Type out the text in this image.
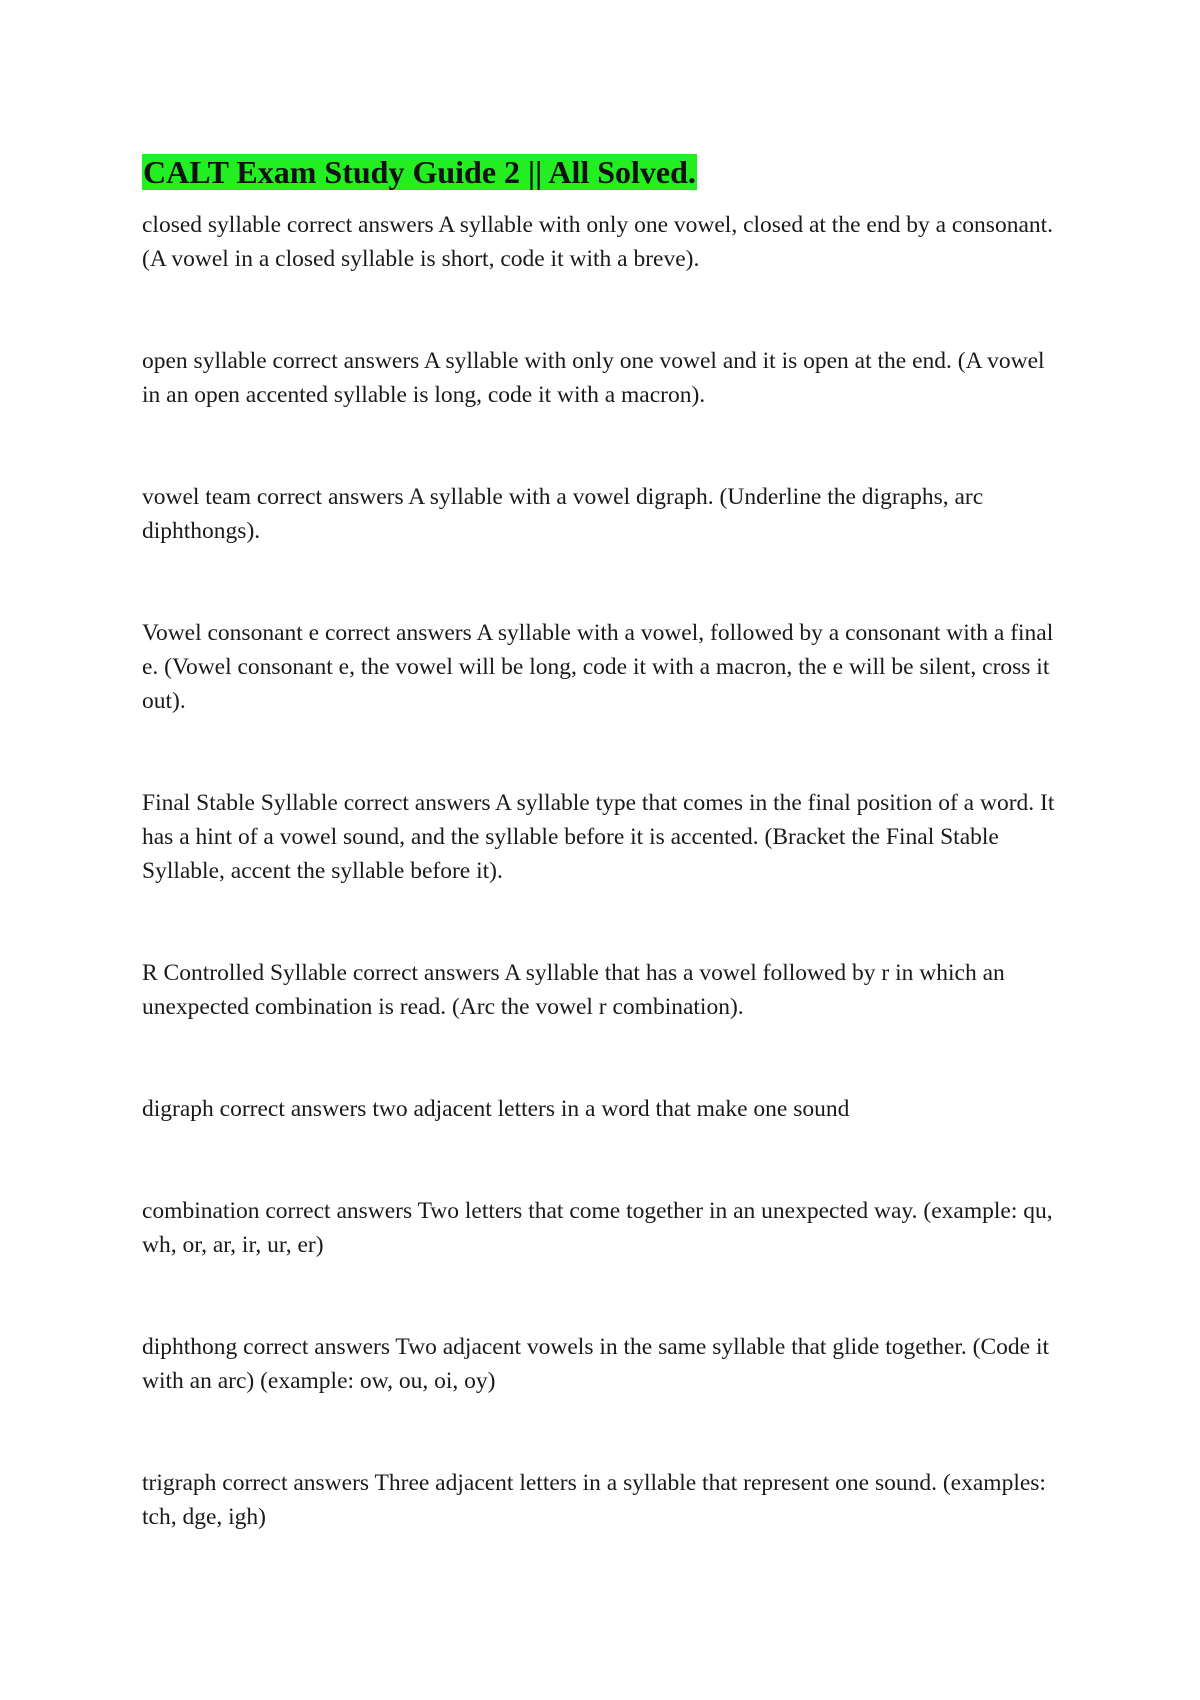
CALT Exam Study Guide 2 || All Solved.

closed syllable correct answers A syllable with only one vowel, closed at the end by a consonant. (A vowel in a closed syllable is short, code it with a breve).

open syllable correct answers A syllable with only one vowel and it is open at the end. (A vowel in an open accented syllable is long, code it with a macron).

vowel team correct answers A syllable with a vowel digraph. (Underline the digraphs, arc diphthongs).

Vowel consonant e correct answers A syllable with a vowel, followed by a consonant with a final e. (Vowel consonant e, the vowel will be long, code it with a macron, the e will be silent, cross it out).

Final Stable Syllable correct answers A syllable type that comes in the final position of a word. It has a hint of a vowel sound, and the syllable before it is accented. (Bracket the Final Stable Syllable, accent the syllable before it).

R Controlled Syllable correct answers A syllable that has a vowel followed by r in which an unexpected combination is read. (Arc the vowel r combination).

digraph correct answers two adjacent letters in a word that make one sound

combination correct answers Two letters that come together in an unexpected way. (example: qu, wh, or, ar, ir, ur, er)

diphthong correct answers Two adjacent vowels in the same syllable that glide together. (Code it with an arc) (example: ow, ou, oi, oy)

trigraph correct answers Three adjacent letters in a syllable that represent one sound. (examples: tch, dge, igh)
